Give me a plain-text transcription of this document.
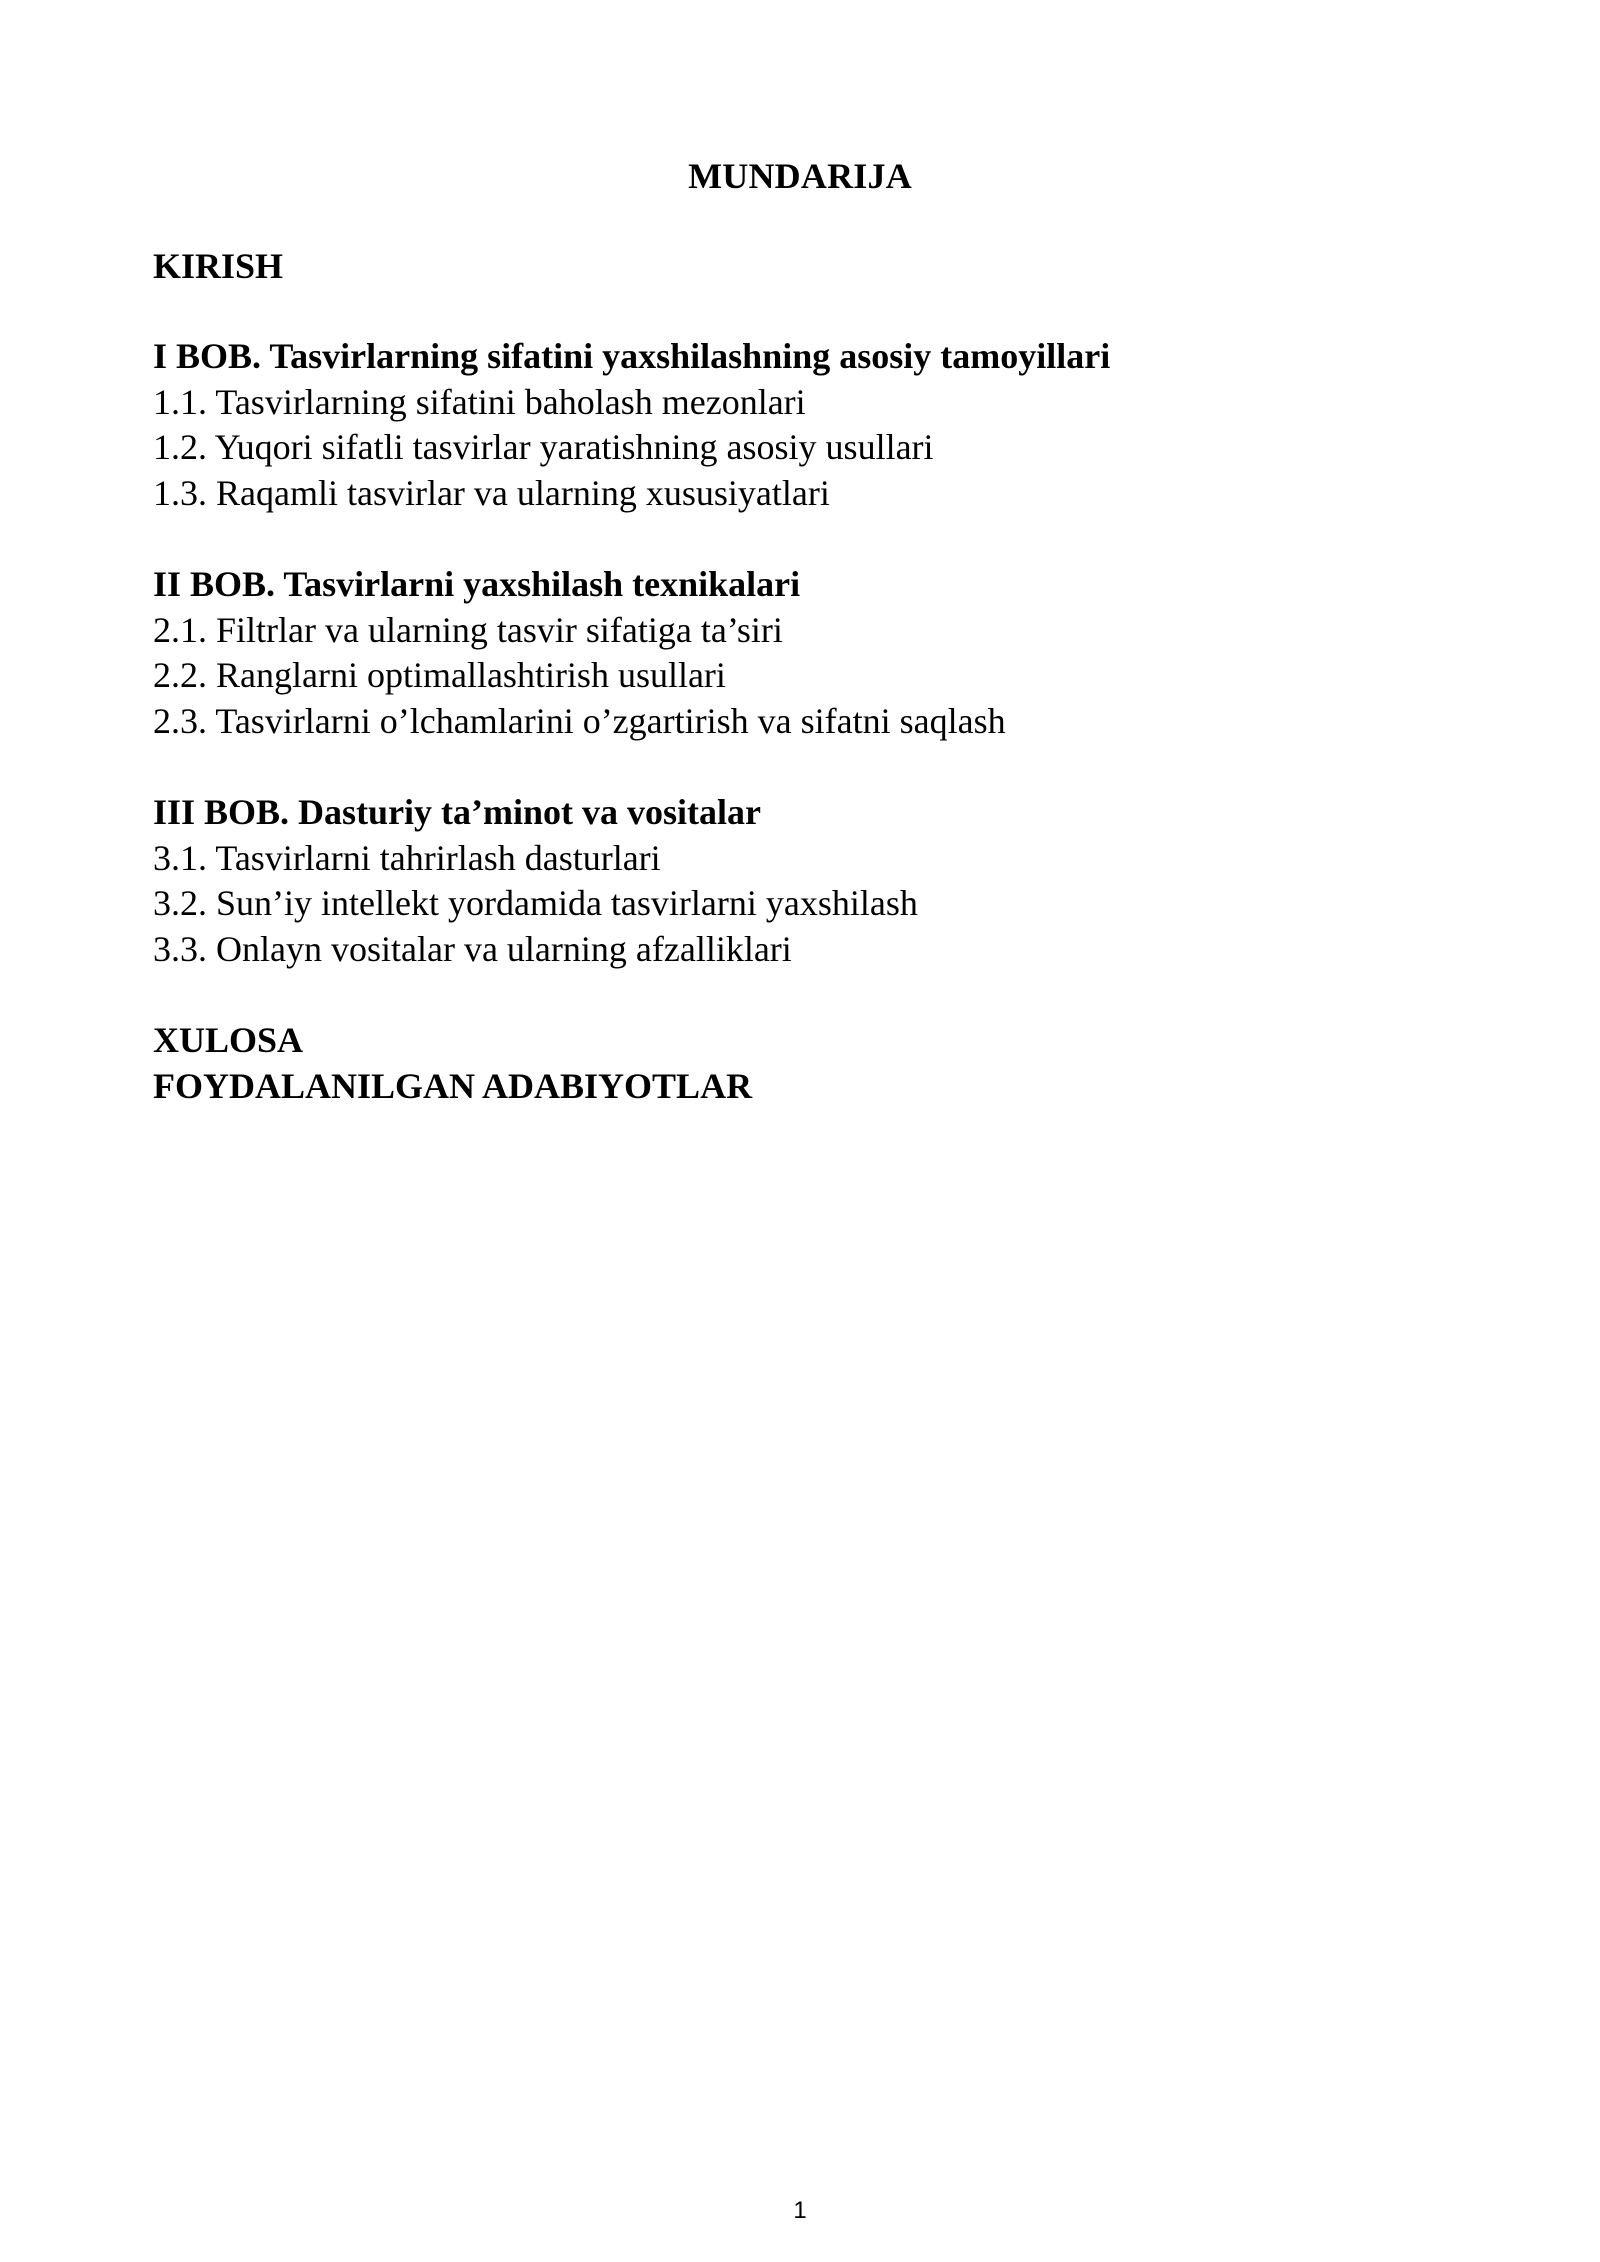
MUNDARIJA
KIRISH
I BOB. Tasvirlarning sifatini yaxshilashning asosiy tamoyillari
1.1. Tasvirlarning sifatini baholash mezonlari
1.2. Yuqori sifatli tasvirlar yaratishning asosiy usullari
1.3. Raqamli tasvirlar va ularning xususiyatlari
II BOB. Tasvirlarni yaxshilash texnikalari
2.1. Filtrlar va ularning tasvir sifatiga ta’siri
2.2. Ranglarni optimallashtirish usullari
2.3. Tasvirlarni o’lchamlarini o’zgartirish va sifatni saqlash
III BOB. Dasturiy ta’minot va vositalar
3.1. Tasvirlarni tahrirlash dasturlari
3.2. Sun’iy intellekt yordamida tasvirlarni yaxshilash
3.3. Onlayn vositalar va ularning afzalliklari
XULOSA
FOYDALANILGAN ADABIYOTLAR
1
